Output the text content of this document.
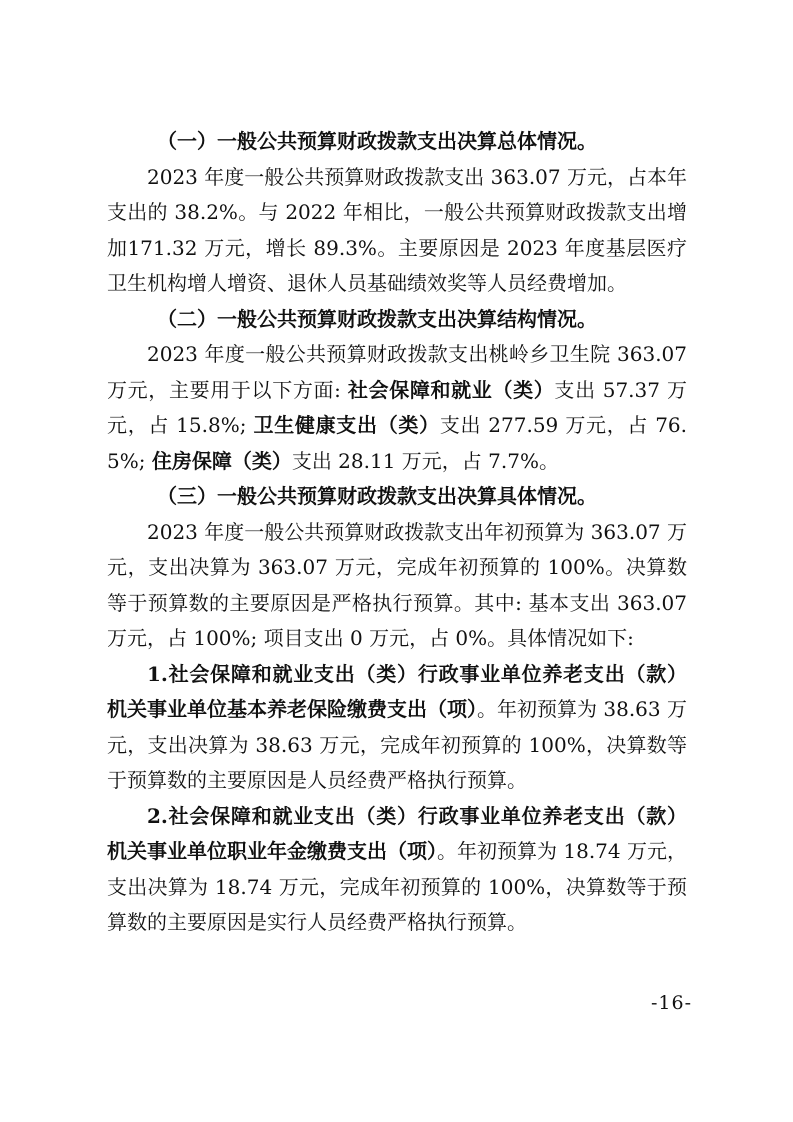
（一）一般公共预算财政拨款支出决算总体情况。

2023 年度一般公共预算财政拨款支出 363.07 万元，占本年支出的 38.2%。与 2022 年相比，一般公共预算财政拨款支出增加171.32 万元，增长 89.3%。主要原因是 2023 年度基层医疗卫生机构增人增资、退休人员基础绩效奖等人员经费增加。

（二）一般公共预算财政拨款支出决算结构情况。

2023 年度一般公共预算财政拨款支出桃岭乡卫生院 363.07 万元，主要用于以下方面: 社会保障和就业（类）支出 57.37 万元，占 15.8%; 卫生健康支出（类）支出 277.59 万元，占 76.5%; 住房保障（类）支出 28.11 万元，占 7.7%。

（三）一般公共预算财政拨款支出决算具体情况。

2023 年度一般公共预算财政拨款支出年初预算为 363.07 万元，支出决算为 363.07 万元，完成年初预算的 100%。决算数等于预算数的主要原因是严格执行预算。其中: 基本支出 363.07 万元，占 100%; 项目支出 0 万元，占 0%。具体情况如下:

1.社会保障和就业支出（类）行政事业单位养老支出（款）机关事业单位基本养老保险缴费支出（项）。年初预算为 38.63 万元，支出决算为 38.63 万元，完成年初预算的 100%，决算数等于预算数的主要原因是人员经费严格执行预算。

2.社会保障和就业支出（类）行政事业单位养老支出（款）机关事业单位职业年金缴费支出（项）。年初预算为 18.74 万元，支出决算为 18.74 万元，完成年初预算的 100%，决算数等于预算数的主要原因是实行人员经费严格执行预算。

-16-
